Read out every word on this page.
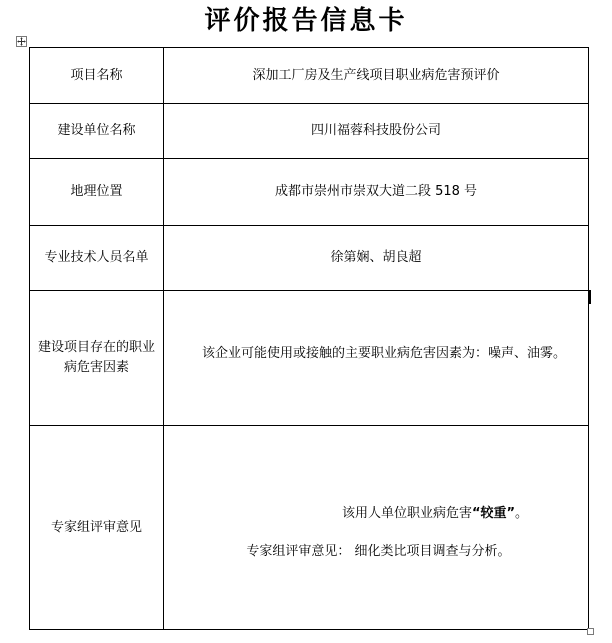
评价报告信息卡
项目名称	深加工厂房及生产线项目职业病危害预评价
建设单位名称	四川福蓉科技股份公司
地理位置	成都市崇州市崇双大道二段 518 号
专业技术人员名单	徐第娴、胡良超
建设项目存在的职业病危害因素	该企业可能使用或接触的主要职业病危害因素为：噪声、油雾。

专家组评审意见	该用人单位职业病危害“较重”。
专家组评审意见： 细化类比项目调查与分析。
